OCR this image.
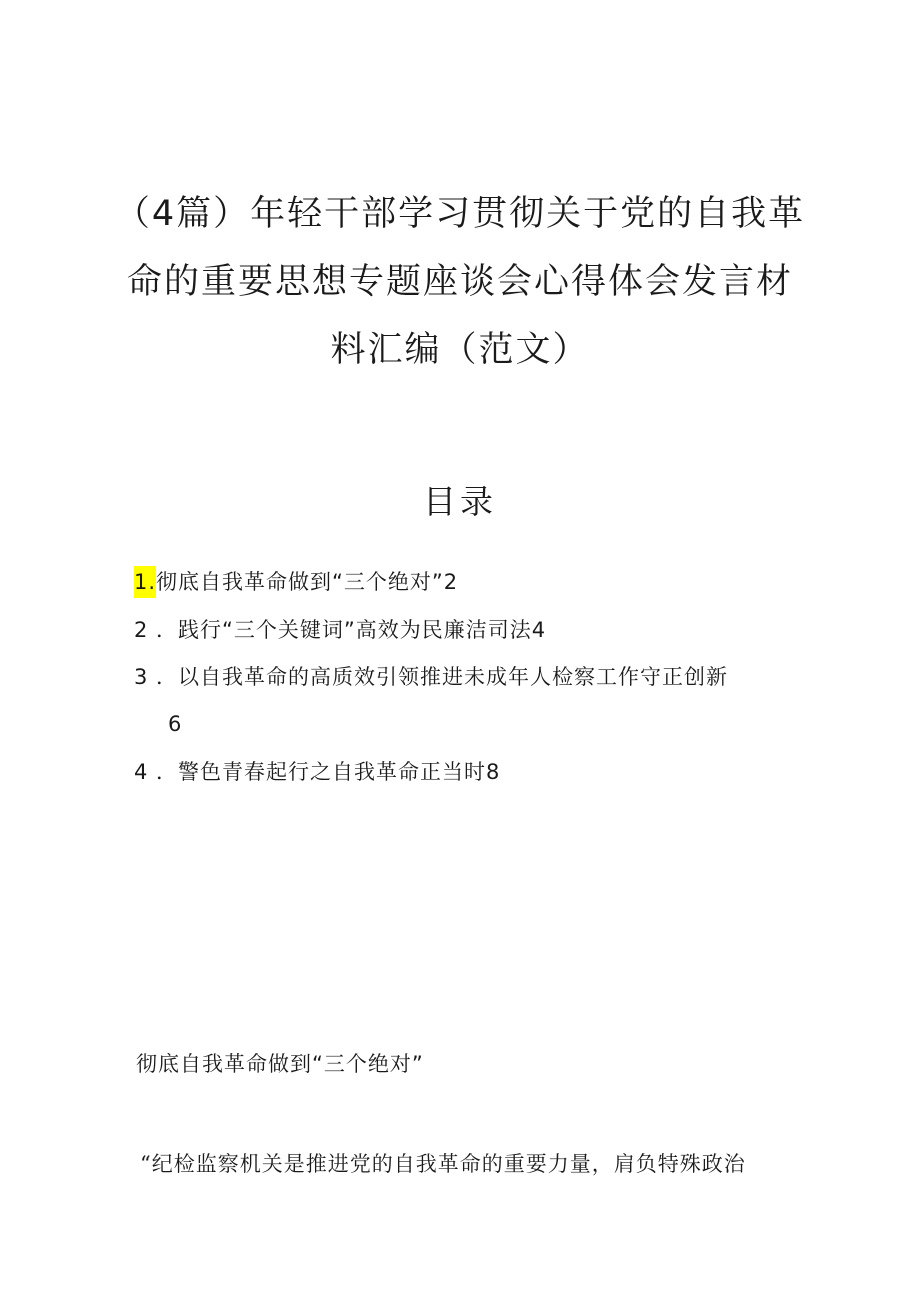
（4篇）年轻干部学习贯彻关于党的自我革
命的重要思想专题座谈会心得体会发言材
料汇编（范文）
目录
1.彻底自我革命做到“三个绝对”2
2 ．践行“三个关键词”高效为民廉洁司法4
3 ．以自我革命的高质效引领推进未成年人检察工作守正创新
6
4 ．警色青春起行之自我革命正当时8
彻底自我革命做到“三个绝对”
“纪检监察机关是推进党的自我革命的重要力量，肩负特殊政治
